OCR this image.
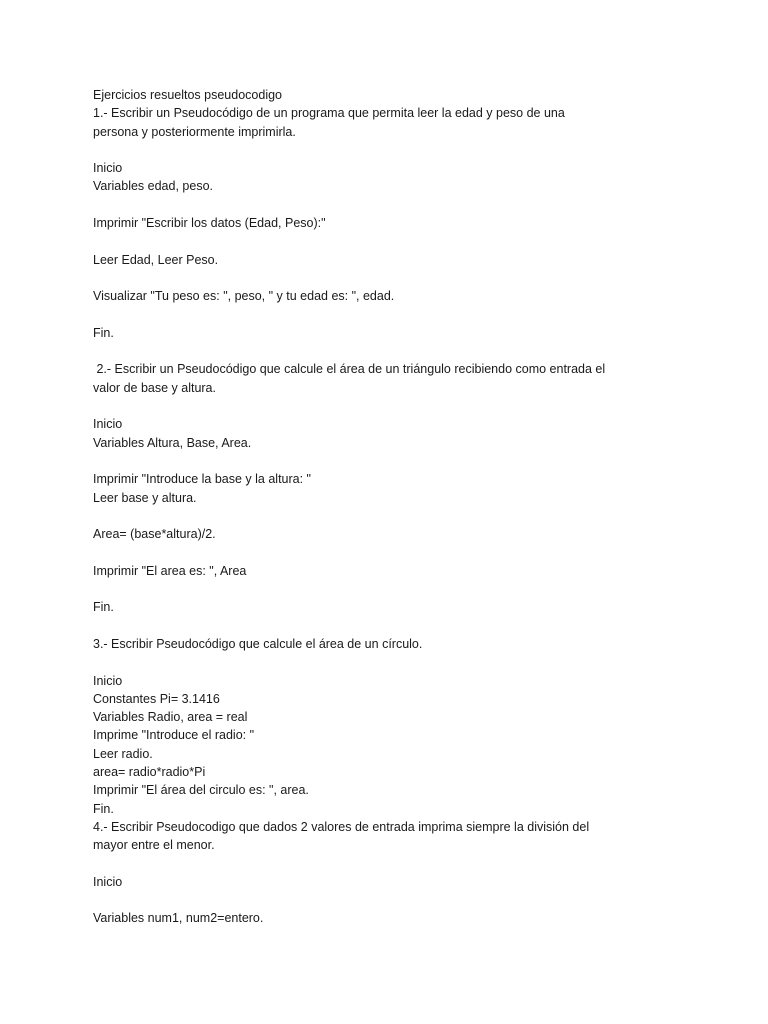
Ejercicios resueltos pseudocodigo
1.- Escribir un Pseudocódigo de un programa que permita leer la edad y peso de una
persona y posteriormente imprimirla.
Inicio
Variables edad, peso.
Imprimir "Escribir los datos (Edad, Peso):"
Leer Edad, Leer Peso.
Visualizar "Tu peso es: ", peso, " y tu edad es: ", edad.
Fin.
2.- Escribir un Pseudocódigo que calcule el área de un triángulo recibiendo como entrada el
valor de base y altura.
Inicio
Variables Altura, Base, Area.
Imprimir "Introduce la base y la altura: "
Leer base y altura.
Area= (base*altura)/2.
Imprimir "El area es: ", Area
Fin.
3.- Escribir Pseudocódigo que calcule el área de un círculo.
Inicio
Constantes Pi= 3.1416
Variables Radio, area = real
Imprime "Introduce el radio: "
Leer radio.
area= radio*radio*Pi
Imprimir "El área del circulo es: ", area.
Fin.
4.- Escribir Pseudocodigo que dados 2 valores de entrada imprima siempre la división del
mayor entre el menor.
Inicio
Variables num1, num2=entero.
